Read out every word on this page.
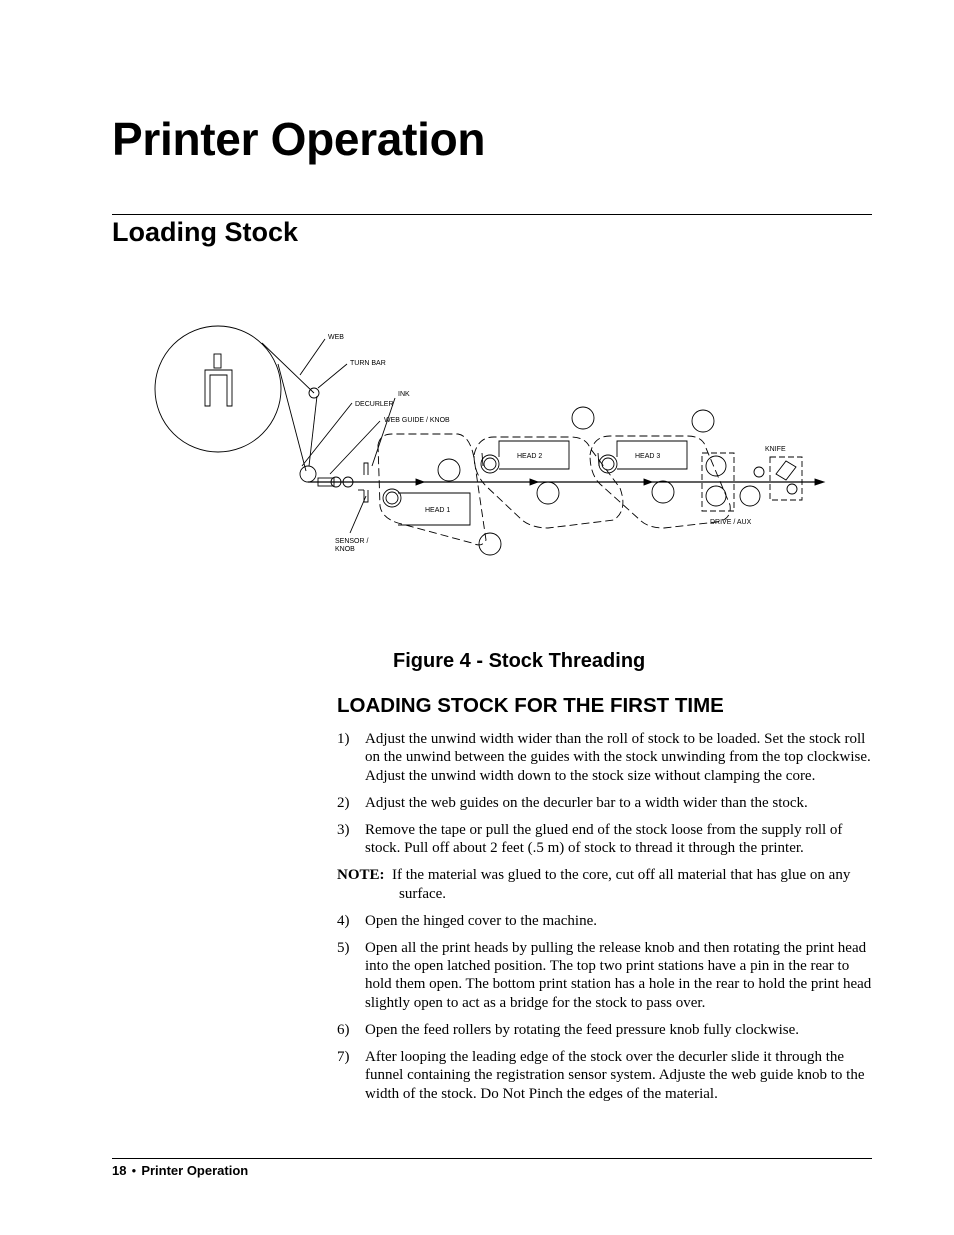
Printer Operation
Loading Stock
WEB
TURN BAR
INK
DECURLER
WEB GUIDE / KNOB
HEAD 2	HEAD 3
KNIFE
HEAD 1
DRIVE / AUX
SENSOR /
KNOB

Figure 4 - Stock Threading

LOADING STOCK FOR THE FIRST TIME
1)	Adjust the unwind width wider than the roll of stock to be loaded. Set the stock roll on the unwind between the guides with the stock unwinding from the top clockwise. Adjust the unwind width down to the stock size without clamping the core.
2)	Adjust the web guides on the decurler bar to a width wider than the stock.
3)	Remove the tape or pull the glued end of the stock loose from the supply roll of stock. Pull off about 2 feet (.5 m) of stock to thread it through the printer.
NOTE: If the material was glued to the core, cut off all material that has glue on any surface.
4)	Open the hinged cover to the machine.
5)	Open all the print heads by pulling the release knob and then rotating the print head into the open latched position. The top two print stations have a pin in the rear to hold them open. The bottom print station has a hole in the rear to hold the print head slightly open to act as a bridge for the stock to pass over.
6)	Open the feed rollers by rotating the feed pressure knob fully clockwise.
7)	After looping the leading edge of the stock over the decurler slide it through the funnel containing the registration sensor system. Adjuste the web guide knob to the width of the stock. Do Not Pinch the edges of the material.
18 ● Printer Operation
